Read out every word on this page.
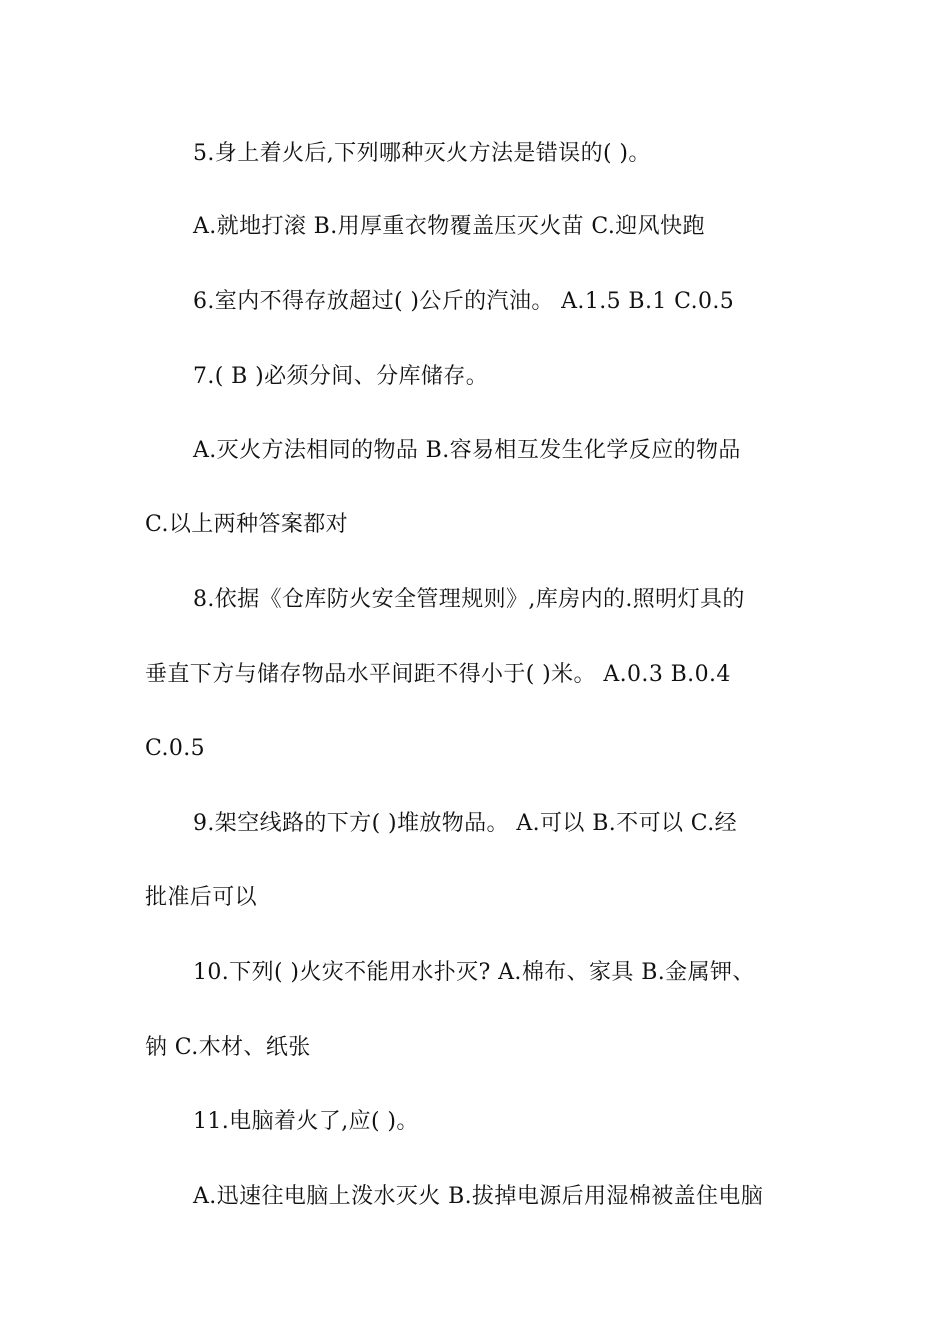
5.身上着火后,下列哪种灭火方法是错误的( )。
A.就地打滚 B.用厚重衣物覆盖压灭火苗 C.迎风快跑
6.室内不得存放超过( )公斤的汽油。 A.1.5 B.1 C.0.5
7.( B )必须分间、分库储存。
A.灭火方法相同的物品 B.容易相互发生化学反应的物品
C.以上两种答案都对
8.依据《仓库防火安全管理规则》,库房内的.照明灯具的
垂直下方与储存物品水平间距不得小于( )米。 A.0.3 B.0.4
C.0.5
9.架空线路的下方( )堆放物品。 A.可以 B.不可以 C.经
批准后可以
10.下列( )火灾不能用水扑灭? A.棉布、家具 B.金属钾、
钠 C.木材、纸张
11.电脑着火了,应( )。
A.迅速往电脑上泼水灭火 B.拔掉电源后用湿棉被盖住电脑
